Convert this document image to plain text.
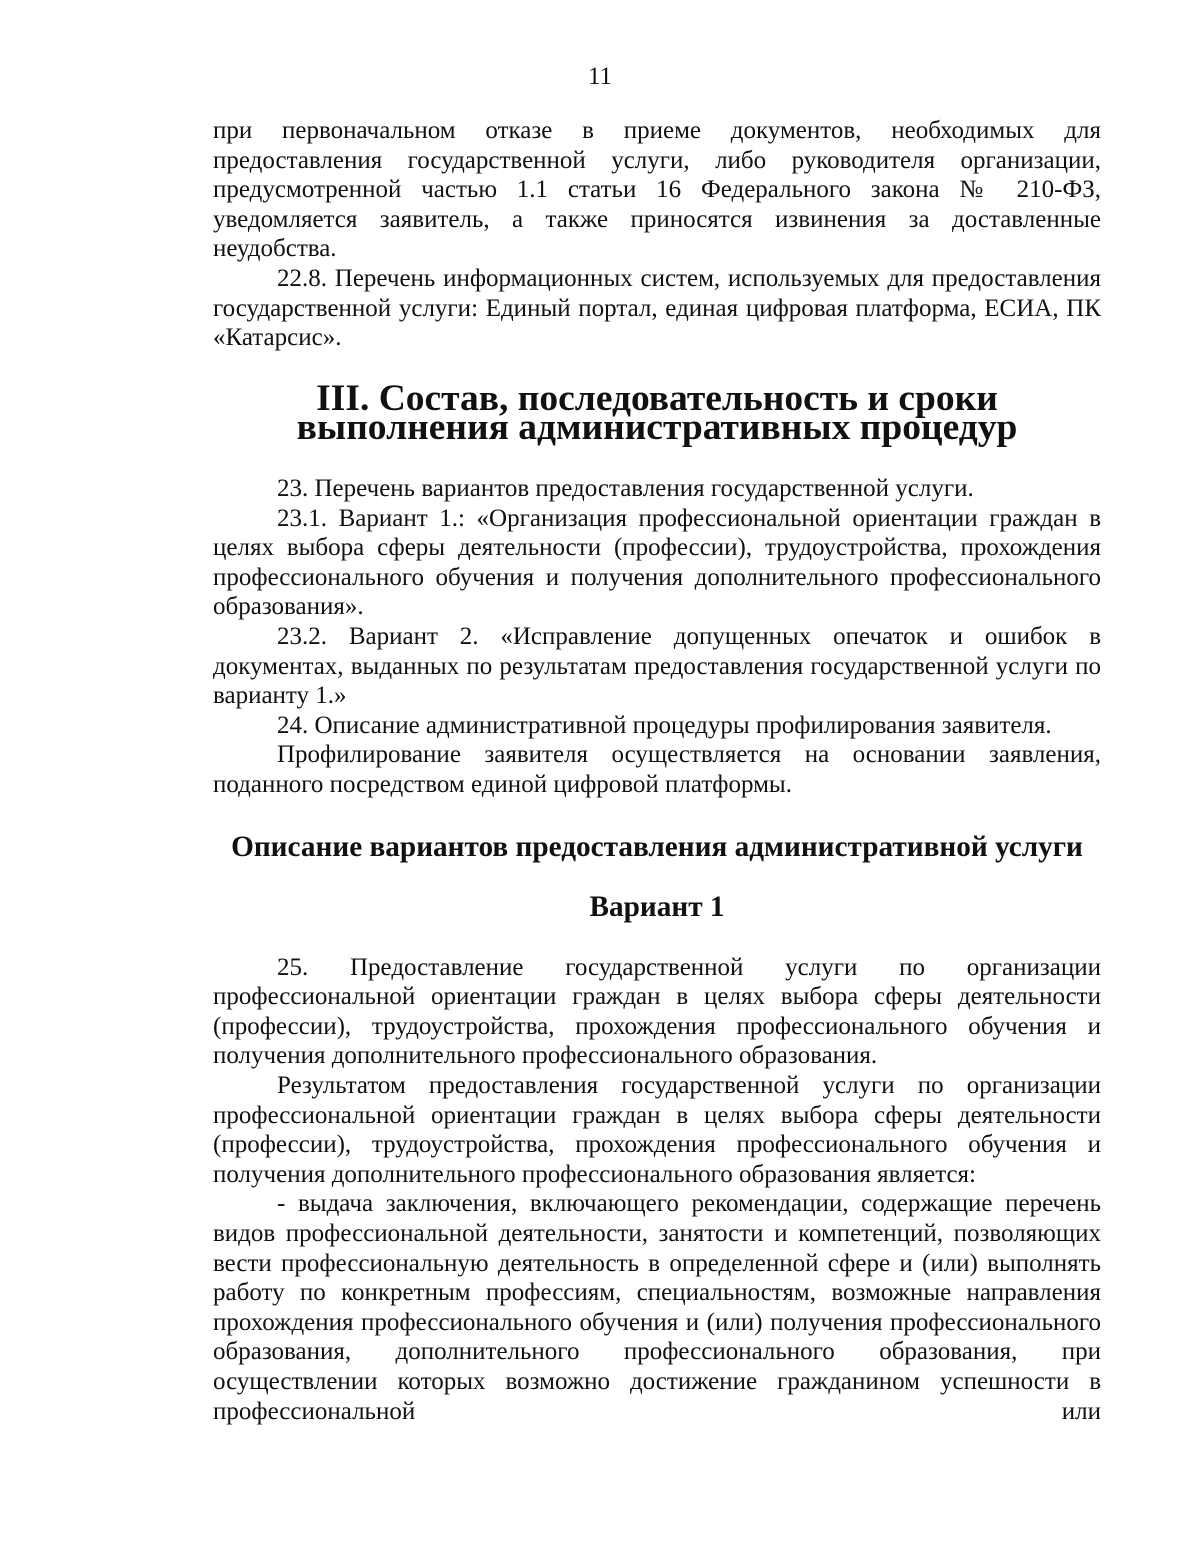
11

при первоначальном отказе в приеме документов, необходимых для предоставления государственной услуги, либо руководителя организации, предусмотренной частью 1.1 статьи 16 Федерального закона № 210-ФЗ, уведомляется заявитель, а также приносятся извинения за доставленные неудобства.

22.8. Перечень информационных систем, используемых для предоставления государственной услуги: Единый портал, единая цифровая платформа, ЕСИА, ПК «Катарсис».

III. Состав, последовательность и сроки выполнения административных процедур

23. Перечень вариантов предоставления государственной услуги.

23.1. Вариант 1.: «Организация профессиональной ориентации граждан в целях выбора сферы деятельности (профессии), трудоустройства, прохождения профессионального обучения и получения дополнительного профессионального образования».

23.2. Вариант 2. «Исправление допущенных опечаток и ошибок в документах, выданных по результатам предоставления государственной услуги по варианту 1.»

24. Описание административной процедуры профилирования заявителя.

Профилирование заявителя осуществляется на основании заявления, поданного посредством единой цифровой платформы.

Описание вариантов предоставления административной услуги
Вариант 1

25. Предоставление государственной услуги по организации профессиональной ориентации граждан в целях выбора сферы деятельности (профессии), трудоустройства, прохождения профессионального обучения и получения дополнительного профессионального образования.

Результатом предоставления государственной услуги по организации профессиональной ориентации граждан в целях выбора сферы деятельности (профессии), трудоустройства, прохождения профессионального обучения и получения дополнительного профессионального образования является:

- выдача заключения, включающего рекомендации, содержащие перечень видов профессиональной деятельности, занятости и компетенций, позволяющих вести профессиональную деятельность в определенной сфере и (или) выполнять работу по конкретным профессиям, специальностям, возможные направления прохождения профессионального обучения и (или) получения профессионального образования, дополнительного профессионального образования, при осуществлении которых возможно достижение гражданином успешности в профессиональной или
